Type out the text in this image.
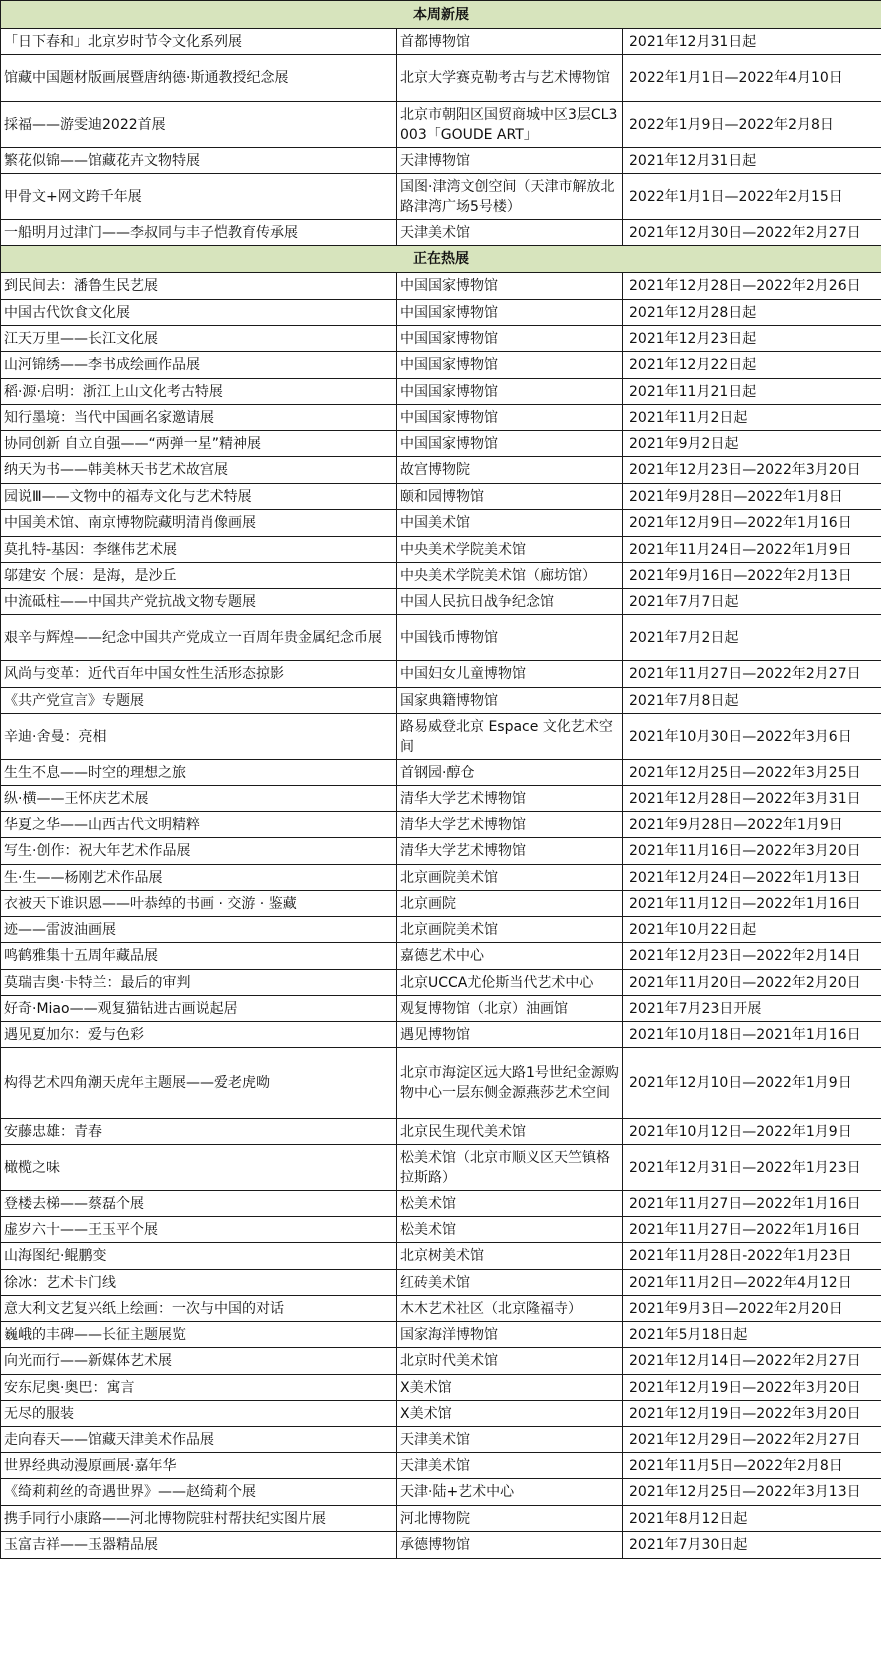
本周新展		
「日下春和」北京岁时节令文化系列展	首都博物馆	2021年12月31日起
馆藏中国题材版画展暨唐纳德·斯通教授纪念展	北京大学赛克勒考古与艺术博物馆	2022年1月1日—2022年4月10日
採福——游雯迪2022首展	北京市朝阳区国贸商城中区3层CL3003「GOUDE ART」	2022年1月9日—2022年2月8日
繁花似锦——馆藏花卉文物特展	天津博物馆	2021年12月31日起
甲骨文+网文跨千年展	国图·津湾文创空间（天津市解放北路津湾广场5号楼）	2022年1月1日—2022年2月15日
一船明月过津门——李叔同与丰子恺教育传承展	天津美术馆	2021年12月30日—2022年2月27日
正在热展		
到民间去：潘鲁生民艺展	中国国家博物馆	2021年12月28日—2022年2月26日
中国古代饮食文化展	中国国家博物馆	2021年12月28日起
江天万里——长江文化展	中国国家博物馆	2021年12月23日起
山河锦绣——李书成绘画作品展	中国国家博物馆	2021年12月22日起
稻·源·启明：浙江上山文化考古特展	中国国家博物馆	2021年11月21日起
知行墨境：当代中国画名家邀请展	中国国家博物馆	2021年11月2日起
协同创新 自立自强——“两弹一星”精神展	中国国家博物馆	2021年9月2日起
纳天为书——韩美林天书艺术故宫展	故宫博物院	2021年12月23日—2022年3月20日
园说Ⅲ——文物中的福寿文化与艺术特展	颐和园博物馆	2021年9月28日—2022年1月8日
中国美术馆、南京博物院藏明清肖像画展	中国美术馆	2021年12月9日—2022年1月16日
莫扎特-基因：李继伟艺术展	中央美术学院美术馆	2021年11月24日—2022年1月9日
邬建安 个展：是海，是沙丘	中央美术学院美术馆（廊坊馆）	2021年9月16日—2022年2月13日
中流砥柱——中国共产党抗战文物专题展	中国人民抗日战争纪念馆	2021年7月7日起
艰辛与辉煌——纪念中国共产党成立一百周年贵金属纪念币展	中国钱币博物馆	2021年7月2日起
风尚与变革：近代百年中国女性生活形态掠影	中国妇女儿童博物馆	2021年11月27日—2022年2月27日
《共产党宣言》专题展	国家典籍博物馆	2021年7月8日起
辛迪·舍曼：亮相	路易威登北京 Espace 文化艺术空间	2021年10月30日—2022年3月6日
生生不息——时空的理想之旅	首钢园·醇仓	2021年12月25日—2022年3月25日
纵·横——王怀庆艺术展	清华大学艺术博物馆	2021年12月28日—2022年3月31日
华夏之华——山西古代文明精粹	清华大学艺术博物馆	2021年9月28日—2022年1月9日
写生·创作：祝大年艺术作品展	清华大学艺术博物馆	2021年11月16日—2022年3月20日
生·生——杨刚艺术作品展	北京画院美术馆	2021年12月24日—2022年1月13日
衣被天下谁识恩——叶恭绰的书画 · 交游 · 鉴藏	北京画院	2021年11月12日—2022年1月16日
迹——雷波油画展	北京画院美术馆	2021年10月22日起
鸣鹤雅集十五周年藏品展	嘉德艺术中心	2021年12月23日—2022年2月14日
莫瑞吉奥·卡特兰：最后的审判	北京UCCA尤伦斯当代艺术中心	2021年11月20日—2022年2月20日
好奇·Miao——观复猫钻进古画说起居	观复博物馆（北京）油画馆	2021年7月23日开展
遇见夏加尔：爱与色彩	遇见博物馆	2021年10月18日—2021年1月16日
构得艺术四角潮天虎年主题展——爱老虎呦	北京市海淀区远大路1号世纪金源购物中心一层东侧金源燕莎艺术空间	2021年12月10日—2022年1月9日
安藤忠雄：青春	北京民生现代美术馆	2021年10月12日—2022年1月9日
橄榄之味	松美术馆（北京市顺义区天竺镇格拉斯路）	2021年12月31日—2022年1月23日
登楼去梯——蔡磊个展	松美术馆	2021年11月27日—2022年1月16日
虚岁六十——王玉平个展	松美术馆	2021年11月27日—2022年1月16日
山海图纪·鲲鹏变	北京树美术馆	2021年11月28日-2022年1月23日
徐冰：艺术卡门线	红砖美术馆	2021年11月2日—2022年4月12日
意大利文艺复兴纸上绘画：一次与中国的对话	木木艺术社区（北京隆福寺）	2021年9月3日—2022年2月20日
巍峨的丰碑——长征主题展览	国家海洋博物馆	2021年5月18日起
向光而行——新媒体艺术展	北京时代美术馆	2021年12月14日—2022年2月27日
安东尼奥·奥巴：寓言	X美术馆	2021年12月19日—2022年3月20日
无尽的服装	X美术馆	2021年12月19日—2022年3月20日
走向春天——馆藏天津美术作品展	天津美术馆	2021年12月29日—2022年2月27日
世界经典动漫原画展·嘉年华	天津美术馆	2021年11月5日—2022年2月8日
《绮莉莉丝的奇遇世界》——赵绮莉个展	天津·陆+艺术中心	2021年12月25日—2022年3月13日
携手同行小康路——河北博物院驻村帮扶纪实图片展	河北博物院	2021年8月12日起
玉富吉祥——玉器精品展	承德博物馆	2021年7月30日起
